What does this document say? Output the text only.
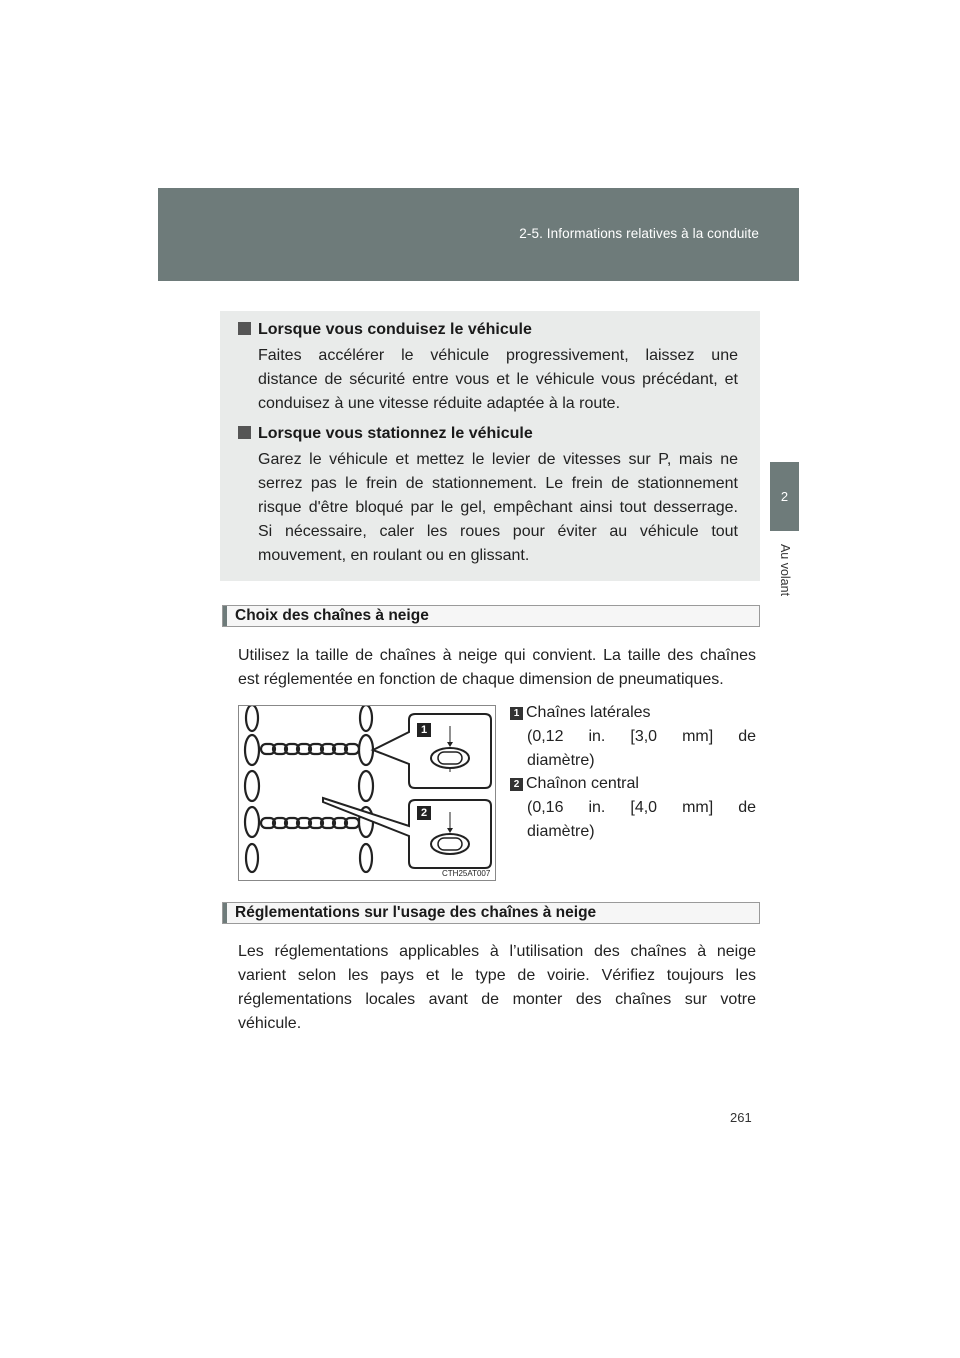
2-5. Informations relatives à la conduite
2
Au volant
Lorsque vous conduisez le véhicule
Faites accélérer le véhicule progressivement, laissez une
distance de sécurité entre vous et le véhicule vous précédant, et
conduisez à une vitesse réduite adaptée à la route.
Lorsque vous stationnez le véhicule
Garez le véhicule et mettez le levier de vitesses sur P, mais ne
serrez pas le frein de stationnement. Le frein de stationnement
risque d'être bloqué par le gel, empêchant ainsi tout desserrage.
Si nécessaire, caler les roues pour éviter au véhicule tout
mouvement, en roulant ou en glissant.
Choix des chaînes à neige
Utilisez la taille de chaînes à neige qui convient. La taille des chaînes
est réglementée en fonction de chaque dimension de pneumatiques.
1
2
CTH25AT007
1 Chaînes latérales
(0,12 in. [3,0 mm] de
diamètre)
2 Chaînon central
(0,16 in. [4,0 mm] de
diamètre)
Réglementations sur l'usage des chaînes à neige
Les réglementations applicables à l’utilisation des chaînes à neige
varient selon les pays et le type de voirie. Vérifiez toujours les
réglementations locales avant de monter des chaînes sur votre
véhicule.
261
